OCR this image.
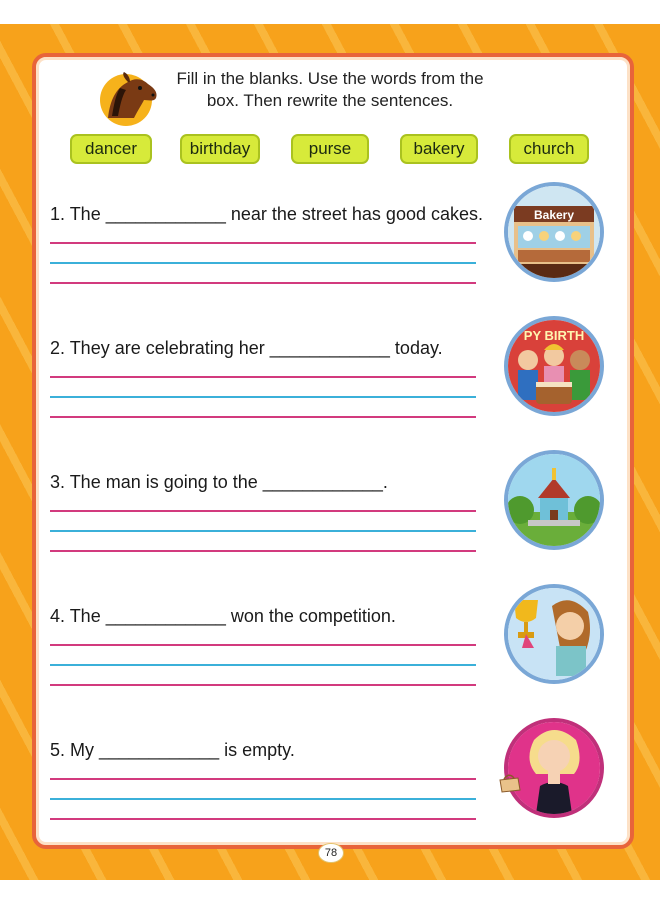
Fill in the blanks. Use the words from the box. Then rewrite the sentences.
dancer	birthday	purse	bakery	church
1. The ____________ near the street has good cakes.	Bakery
2. They are celebrating her ____________ today.
PY BIRTH
3. The man is going to the ____________.
4. The ____________ won the competition.
5. My ____________ is empty.
78
